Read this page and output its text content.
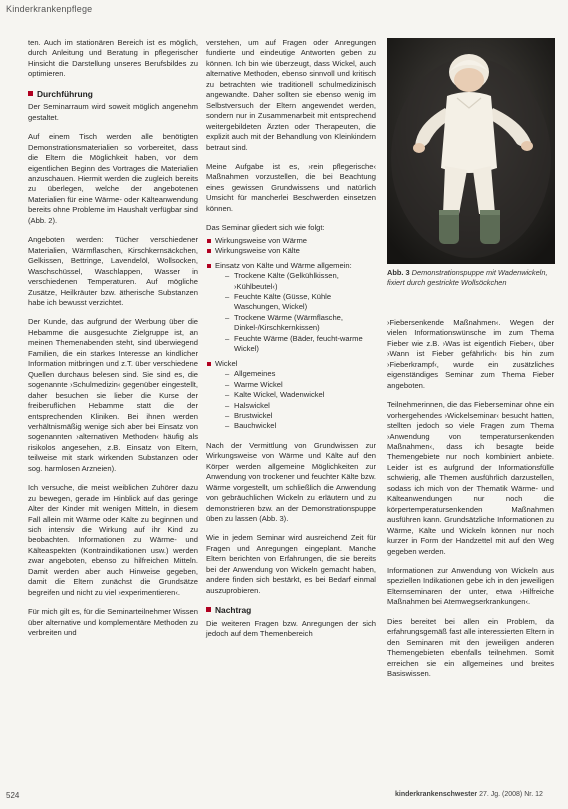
Kinderkrankenpflege

ten. Auch im stationären Bereich ist es möglich, durch Anleitung und Beratung in pflegerischer Hinsicht die Darstellung unseres Berufsbildes zu optimieren.

Durchführung

Der Seminarraum wird soweit möglich angenehm gestaltet.

Auf einem Tisch werden alle benötigten Demonstrationsmaterialien so vorbereitet, dass die Eltern die Möglichkeit haben, vor dem eigentlichen Beginn des Vortrages die Materialien anzuschauen. Hiermit werden die zugleich bereits zu überlegen, welche der angebotenen Materialien für eine Wärme- oder Kälteanwendung bereits ohne Probleme im Haushalt verfügbar sind (Abb. 2).

Angeboten werden: Tücher verschiedener Materialien, Wärmflaschen, Kirschkernsäckchen, Gelkissen, Bettringe, Lavendelöl, Wollsocken, Waschschüssel, Waschlappen, Wasser in verschiedenen Temperaturen. Auf mögliche Zusätze, Heilkräuter bzw. ätherische Substanzen habe ich bewusst verzichtet.

Der Kunde, das aufgrund der Werbung über die Hebamme die ausgesuchte Zielgruppe ist, an meinen Themenabenden steht, sind überwiegend Familien, die ein starkes Interesse an kindlicher Information mitbringen und z.T. über verschiedene Quellen durchaus belesen sind. Sie sind es, die sogenannte ›Schulmedizin‹ gegenüber eingestellt, daher besuchen sie lieber die Kurse der freiberuflichen Hebamme statt die der entsprechenden Kliniken. Bei ihnen werden verhältnismäßig wenige sich aber bei Einsatz von sogenannten ›alternativen Methoden‹ häufig als risikolos angesehen, z.B. Einsatz von Eltern, teilweise mit stark wirkenden Substanzen oder sog. harmlosen Arzneien).

Ich versuche, die meist weiblichen Zuhörer dazu zu bewegen, gerade im Hinblick auf das geringe Alter der Kinder mit wenigen Mitteln, in diesem Fall allein mit Wärme oder Kälte zu beginnen und sich intensiv die Wirkung auf ihr Kind zu beobachten. Informationen zu Wärme- und Kälteaspekten (Kontraindikationen usw.) werden zwar angeboten, ebenso zu hilfreichen Mitteln. Damit werden aber auch Hinweise gegeben, damit die Eltern zunächst die Grundsätze begreifen und nicht zu viel ›experimentieren‹.

Für mich gilt es, für die Seminarteilnehmer Wissen über alternative und komplementäre Methoden zu verbreiten und

verstehen, um auf Fragen oder Anregungen fundierte und eindeutige Antworten geben zu können. Ich bin wie überzeugt, dass Wickel, auch alternative Methoden, ebenso sinnvoll und kritisch zu betrachten wie traditionell schulmedizinisch angewandte. Daher sollten sie ebenso wenig im Selbstversuch der Eltern angewendet werden, sondern nur in Zusammenarbeit mit entsprechend weitergebildeten Ärzten oder Therapeuten, die explizit auch mit der Behandlung von Kleinkindern betraut sind.

Meine Aufgabe ist es, ›rein pflegerische‹ Maßnahmen vorzustellen, die bei Beachtung eines gewissen Grundwissens und natürlich Umsicht für mancherlei Beschwerden einsetzen können.

Das Seminar gliedert sich wie folgt:

Wirkungsweise von Wärme
Wirkungsweise von Kälte
Einsatz von Kälte und Wärme allgemein:
– Trockene Kälte (Gelkühlkissen, ›Kühlbeutel‹)
– Feuchte Kälte (Güsse, Kühle Waschungen, Wickel)
– Trockene Wärme (Wärmflasche, Dinkel-/Kirschkernkissen)
– Feuchte Wärme (Bäder, feucht-warme Wickel)
Wickel
– Allgemeines
– Warme Wickel
– Kalte Wickel, Wadenwickel
– Halswickel
– Brustwickel
– Bauchwickel

Nach der Vermittlung von Grundwissen zur Wirkungsweise von Wärme und Kälte auf den Körper werden allgemeine Möglichkeiten zur Anwendung von trockener und feuchter Kälte bzw. Wärme vorgestellt, um schließlich die Anwendung von gebräuchlichen Wickeln zu erläutern und zu demonstrieren bzw. an der Demonstrationspuppe üben zu lassen (Abb. 3).

Wie in jedem Seminar wird ausreichend Zeit für Fragen und Anregungen eingeplant. Manche Eltern berichten von Erfahrungen, die sie bereits bei der Anwendung von Wickeln gemacht haben, andere finden sich bestärkt, es bei Bedarf einmal auszuprobieren.

Nachtrag

Die weiteren Fragen bzw. Anregungen der sich jedoch auf dem Themenbereich

Abb. 3 Demonstrationspuppe mit Wadenwickeln, fixiert durch gestrickte Wollsöckchen

›Fiebersenkende Maßnahmen‹. Wegen der vielen Informationswünsche im zum Thema Fieber wie z.B. ›Was ist eigentlich Fieber‹, über ›Wann ist Fieber gefährlich‹ bis hin zum ›Fieberkrampf‹, wurde ein zusätzliches eigenständiges Seminar zum Thema Fieber angeboten.

Teilnehmerinnen, die das Fieberseminar ohne ein vorhergehendes ›Wickelseminar‹ besucht hatten, stellten jedoch so viele Fragen zum Thema ›Anwendung von temperatursenkenden Maßnahmen‹, dass ich besagte beide Themengebiete nur noch kombiniert anbiete. Leider ist es aufgrund der Informationsfülle schwierig, alle Themen ausführlich darzustellen, sodass ich mich von der Thematik Wärme- und Kälteanwendungen nur noch die körpertemperatursenkenden Maßnahmen ausführen kann. Grundsätzliche Informationen zu Wärme, Kälte und Wickeln können nur noch kurzer in Form der Handzettel mit auf den Weg gegeben werden.

Informationen zur Anwendung von Wickeln aus speziellen Indikationen gebe ich in den jeweiligen Elternseminaren der unter, etwa ›Hilfreiche Maßnahmen bei Atemwegserkrankungen‹.

Dies bereitet bei allen ein Problem, da erfahrungsgemäß fast alle interessierten Eltern in den Seminaren mit den jeweiligen anderen Themengebieten ebenfalls teilnehmen. Somit erreichen sie ein allgemeines und breites Basiswissen.

524	kinderkrankenschwester 27. Jg. (2008) Nr. 12
